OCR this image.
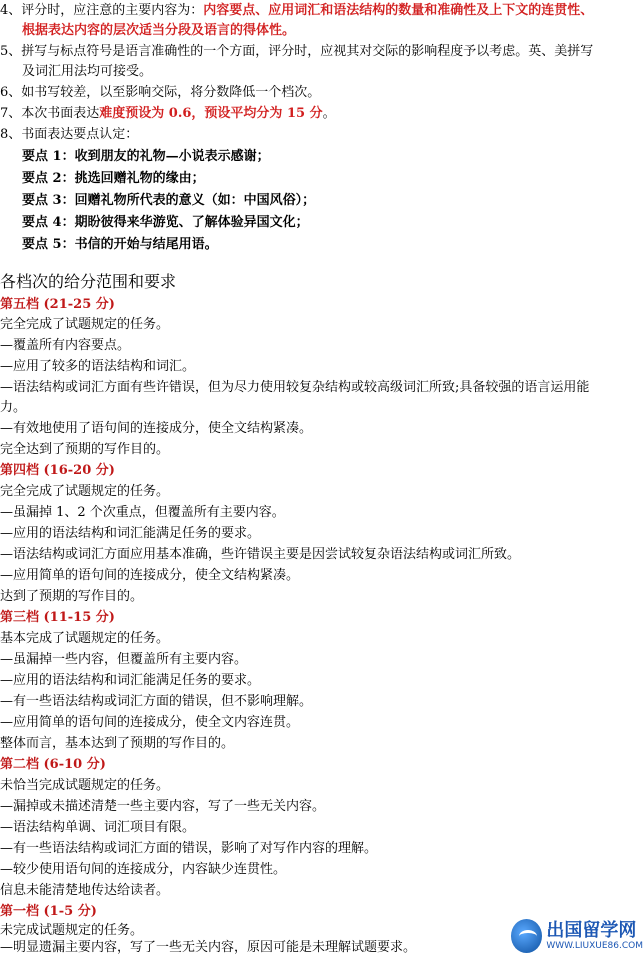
4、评分时，应注意的主要内容为：内容要点、应用词汇和语法结构的数量和准确性及上下文的连贯性、
根据表达内容的层次适当分段及语言的得体性。
5、拼写与标点符号是语言准确性的一个方面，评分时，应视其对交际的影响程度予以考虑。英、美拼写
及词汇用法均可接受。
6、如书写较差，以至影响交际，将分数降低一个档次。
7、本次书面表达难度预设为 0.6，预设平均分为 15 分。
8、书面表达要点认定：
要点 1：收到朋友的礼物—小说表示感谢；
要点 2：挑选回赠礼物的缘由；
要点 3：回赠礼物所代表的意义（如：中国风俗）；
要点 4：期盼彼得来华游览、了解体验异国文化；
要点 5：书信的开始与结尾用语。
各档次的给分范围和要求
第五档 (21-25 分)
完全完成了试题规定的任务。
—覆盖所有内容要点。
—应用了较多的语法结构和词汇。
—语法结构或词汇方面有些许错误，但为尽力使用较复杂结构或较高级词汇所致;具备较强的语言运用能
力。
—有效地使用了语句间的连接成分，使全文结构紧凑。
完全达到了预期的写作目的。
第四档 (16-20 分)
完全完成了试题规定的任务。
—虽漏掉 1、2 个次重点，但覆盖所有主要内容。
—应用的语法结构和词汇能满足任务的要求。
—语法结构或词汇方面应用基本准确，些许错误主要是因尝试较复杂语法结构或词汇所致。
—应用简单的语句间的连接成分，使全文结构紧凑。
达到了预期的写作目的。
第三档 (11-15 分)
基本完成了试题规定的任务。
—虽漏掉一些内容，但覆盖所有主要内容。
—应用的语法结构和词汇能满足任务的要求。
—有一些语法结构或词汇方面的错误，但不影响理解。
—应用简单的语句间的连接成分，使全文内容连贯。
整体而言，基本达到了预期的写作目的。
第二档 (6-10 分)
未恰当完成试题规定的任务。
—漏掉或未描述清楚一些主要内容，写了一些无关内容。
—语法结构单调、词汇项目有限。
—有一些语法结构或词汇方面的错误，影响了对写作内容的理解。
—较少使用语句间的连接成分，内容缺少连贯性。
信息未能清楚地传达给读者。
第一档 (1-5 分)
未完成试题规定的任务。
—明显遗漏主要内容，写了一些无关内容，原因可能是未理解试题要求。
出国留学网
WWW.LIUXUE86.COM
